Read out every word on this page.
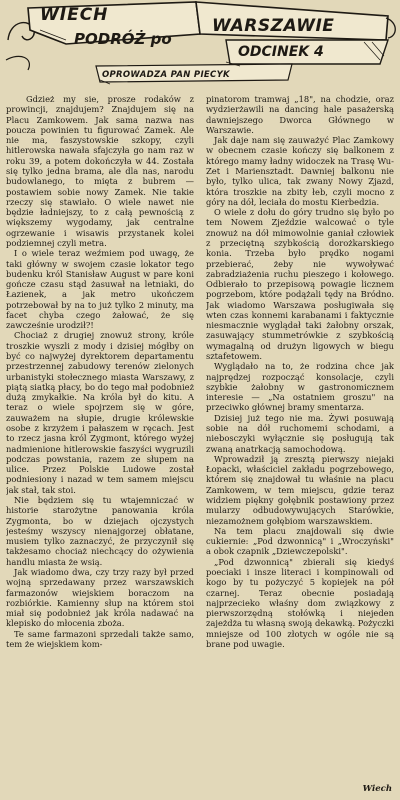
WIECH
PODRÓŻ po
WARSZAWIE
ODCINEK 4
OPROWADZA PAN PIECYK

Gdzież my sie, prosze rodaków z prowincji, znajdujem? Znajdujem się na Placu Zamkowem. Jak sama nazwa nas poucza powinien tu figurować Zamek. Ale nie ma, faszystowskie szkopy, czyli hitlerowska nawała sfajczyła go nam raz w roku 39, a potem dokończyła w 44. Została się tylko jedna brama, ale dla nas, narodu budowlanego, to mięta z bubrem — postawiem sobie nowy Zamek. Nie takie rzeczy się stawiało. O wiele nawet nie będzie ładniejszy, to z całą pewnością z większemy wygodamy, jak centralne ogrzewanie i wisawis przystanek kolei podziemnej czyli metra.

I o wiele teraz weźmiem pod uwagę, że taki główny w swojem czasie lokator tego budenku król Stanisław August w pare koni gończe czasu stąd żasuwał na letniaki, do Łazienek, a jak metro ukończem potrzebował by na to już tylko 2 minuty, ma facet chyba czego żałować, że się zawcześnie urodził?!

Chociaż z drugiej znowuż strony, króle troszkie wyszli z mody i dzisiej mógłby on być co najwyżej dyrektorem departamentu przestrzennej zabudowy terenów zielonych urbanistyki stołecznego miasta Warszawy, z piątą siatką płacy, bo do tego mał podobnież dużą zmykałkie. Na króla był do kitu. A teraz o wiele spojrzem się w góre, zauważem na słupie, drugie królewskie osobe z krzyżem i pałaszem w ręcach. Jest to rzecz jasna król Zygmont, którego wyżej nadmienione hitlerowskie faszyści wygruzili podczas powstania, razem ze słupem na ulice. Przez Polskie Ludowe został podniesiony i nazad w tem samem miejscu jak stał, tak stoi.

Nie będziem się tu wtajemniczać w historie starożytne panowania króla Zygmonta, bo w dziejach ojczystych jesteśmy wszyscy nienajgorzej obłatane, musiem tylko zaznaczyć, że przyczynił się takżesamo chociaż niechcący do ożywienia handlu miasta że wsią.

Jak wiadomo dwa, czy trzy razy był przed wojną sprzedawany przez warszawskich farmazonów wiejskiem boraczom na rozbiórkie. Kamienny słup na którem stoi miał się podobnież jak króla nadawać na klepisko do młocenia zboża.

Te same farmazoni sprzedali także samo, tem że wiejskiem kom-

pinatorom tramwaj „18", na chodzie, oraz wydzierżawili na dancing hale pasażerską dawniejszego Dworca Głównego w Warszawie.

Jak daje nam się zauważyć Plac Zamkowy w obecnem czasie kończy się balkonem z którego mamy ładny widoczek na Trasę Wu-Zet i Mariensztadt. Dawniej balkonu nie było, tylko ulica, tak zwany Nowy Zjazd, która troszkie na zbity łeb, czyli mocno z góry na dół, leciała do mostu Kierbedzia.

O wiele z dołu do góry trudno się było po tem Nowem Zjeździe walcować o tyle znowuż na dół mimowolnie ganiał człowiek z przeciętną szybkością dorożkarskiego konia. Trzeba było prędko nogami przebierać, żeby nie wywoływać zabradziażenia ruchu pieszego i kołowego. Odbierało to przepisową powagie licznem pogrzebom, które podążali tędy na Bródno. Jak wiadomo Warszawa posługiwała się wten czas konnemi karabanami i faktycznie niesmacznie wyglądał taki żałobny orszak, zasuwający stummetrówkie z szybkością wymagalną od drużyn ligowych w biegu sztafetowem.

Wyglądało na to, że rodzina chce jak najprędzej rozpocząć konsolacje, czyli szybkie żałobny w gastronomicznem interesie — „Na ostatniem groszu" na przeciwko głównej bramy smentarza.

Dzisiej już tego nie ma. Żywi posuwają sobie na dół ruchomemi schodami, a niebosczyki wyłącznie się posługują tak zwaną anatrkacją samochodową.

Wprowadził ją zresztą pierwszy niejaki Łopacki, właściciel zakładu pogrzebowego, którem się znajdował tu właśnie na placu Zamkowem, w tem miejscu, gdzie teraz widziem piękny gołębnik postawiony przez mularzy odbudowywujących Starówkie, niezamożnem gołębiom warszawskiem.

Na tem placu znajdowali się dwie cukiernie: „Pod dzwonnicą" i „Wroczyński" a obok czapnik „Dziewczepolski".

„Pod dzwonnicą" zbierali się kiedyś poeciaki i insze literaci i kompinowali od kogo by tu pożyczyć 5 kopiejek na pół czarnej. Teraz obecnie posiadają najprzecieko właśny dom związkowy z pierwszorzędną stołówką i niejeden zajeżdża tu własną swoją dekawką. Pożyczki mniejsze od 100 złotych w ogóle nie są brane pod uwagie.

Wiech
